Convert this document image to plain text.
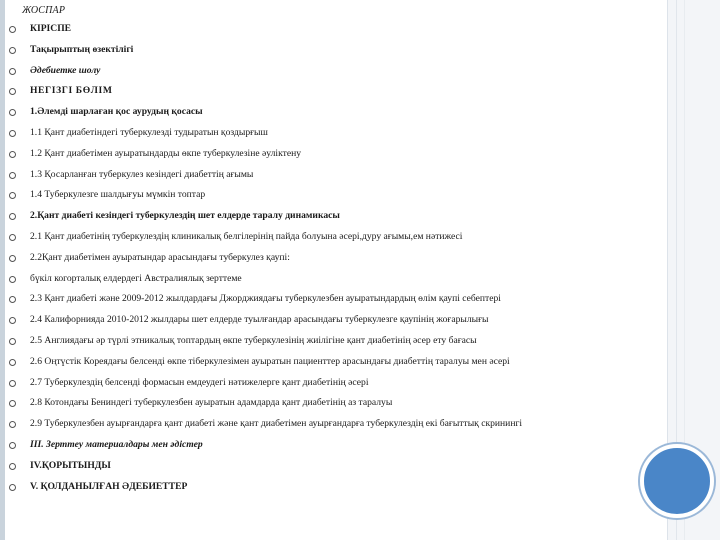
ЖОСПАР
КІРІСПЕ
Тақырыптың өзектілігі
Әдебиетке шолу
НЕГІЗГІ БӨЛІМ
1.Әлемді шарлаған қос аурудың қосасы
1.1 Қант диабетіндегі туберкулезді тудыратын қоздырғыш
1.2 Қант диабетімен ауыратындарды өкпе туберкулезіне әуліктену
1.3 Қосарланған туберкулез кезіндегі диабеттің ағымы
1.4 Туберкулезге шалдығуы мүмкін топтар
2.Қант диабеті кезіндегі туберкулездің шет елдерде таралу динамикасы
2.1 Қант диабетінің туберкулездің клиникалық белгілерінің пайда болуына әсері,дуру ағымы,ем нәтижесі
2.2Қант диабетімен ауыратындар арасындағы туберкулез қаупі:
бүкіл когорталық елдердегі Австралиялық зерттеме
2.3 Қант диабеті және 2009-2012 жылдардағы Джорджиядағы туберкулезбен ауыратындардың өлім қаупі себептері
2.4 Калифорнияда 2010-2012 жылдары шет елдерде туылғандар арасындағы туберкулезге қаупінің жоғарылығы
2.5 Англиядағы әр түрлі этникалық топтардың өкпе туберкулезінің жиілігіне қант диабетінің әсер ету бағасы
2.6 Оңтүстік Кореядағы белсенді өкпе тіберкулезімен ауыратын пациенттер арасындағы диабеттің таралуы мен әсері
2.7 Туберкулездің белсенді формасын емдеудегі нәтижелерге қант диабетінің әсері
2.8 Котондағы Бениндегі туберкулезбен ауыратын адамдарда қант диабетінің аз таралуы
2.9 Туберкулезбен ауырғандарға қант диабеті және қант диабетімен ауырғандарға туберкулездің екі бағыттық скринингі
III. Зерттеу материалдары мен әдістер
IV.ҚОРЫТЫНДЫ
V. ҚОЛДАНЫЛҒАН ӘДЕБИЕТТЕР
